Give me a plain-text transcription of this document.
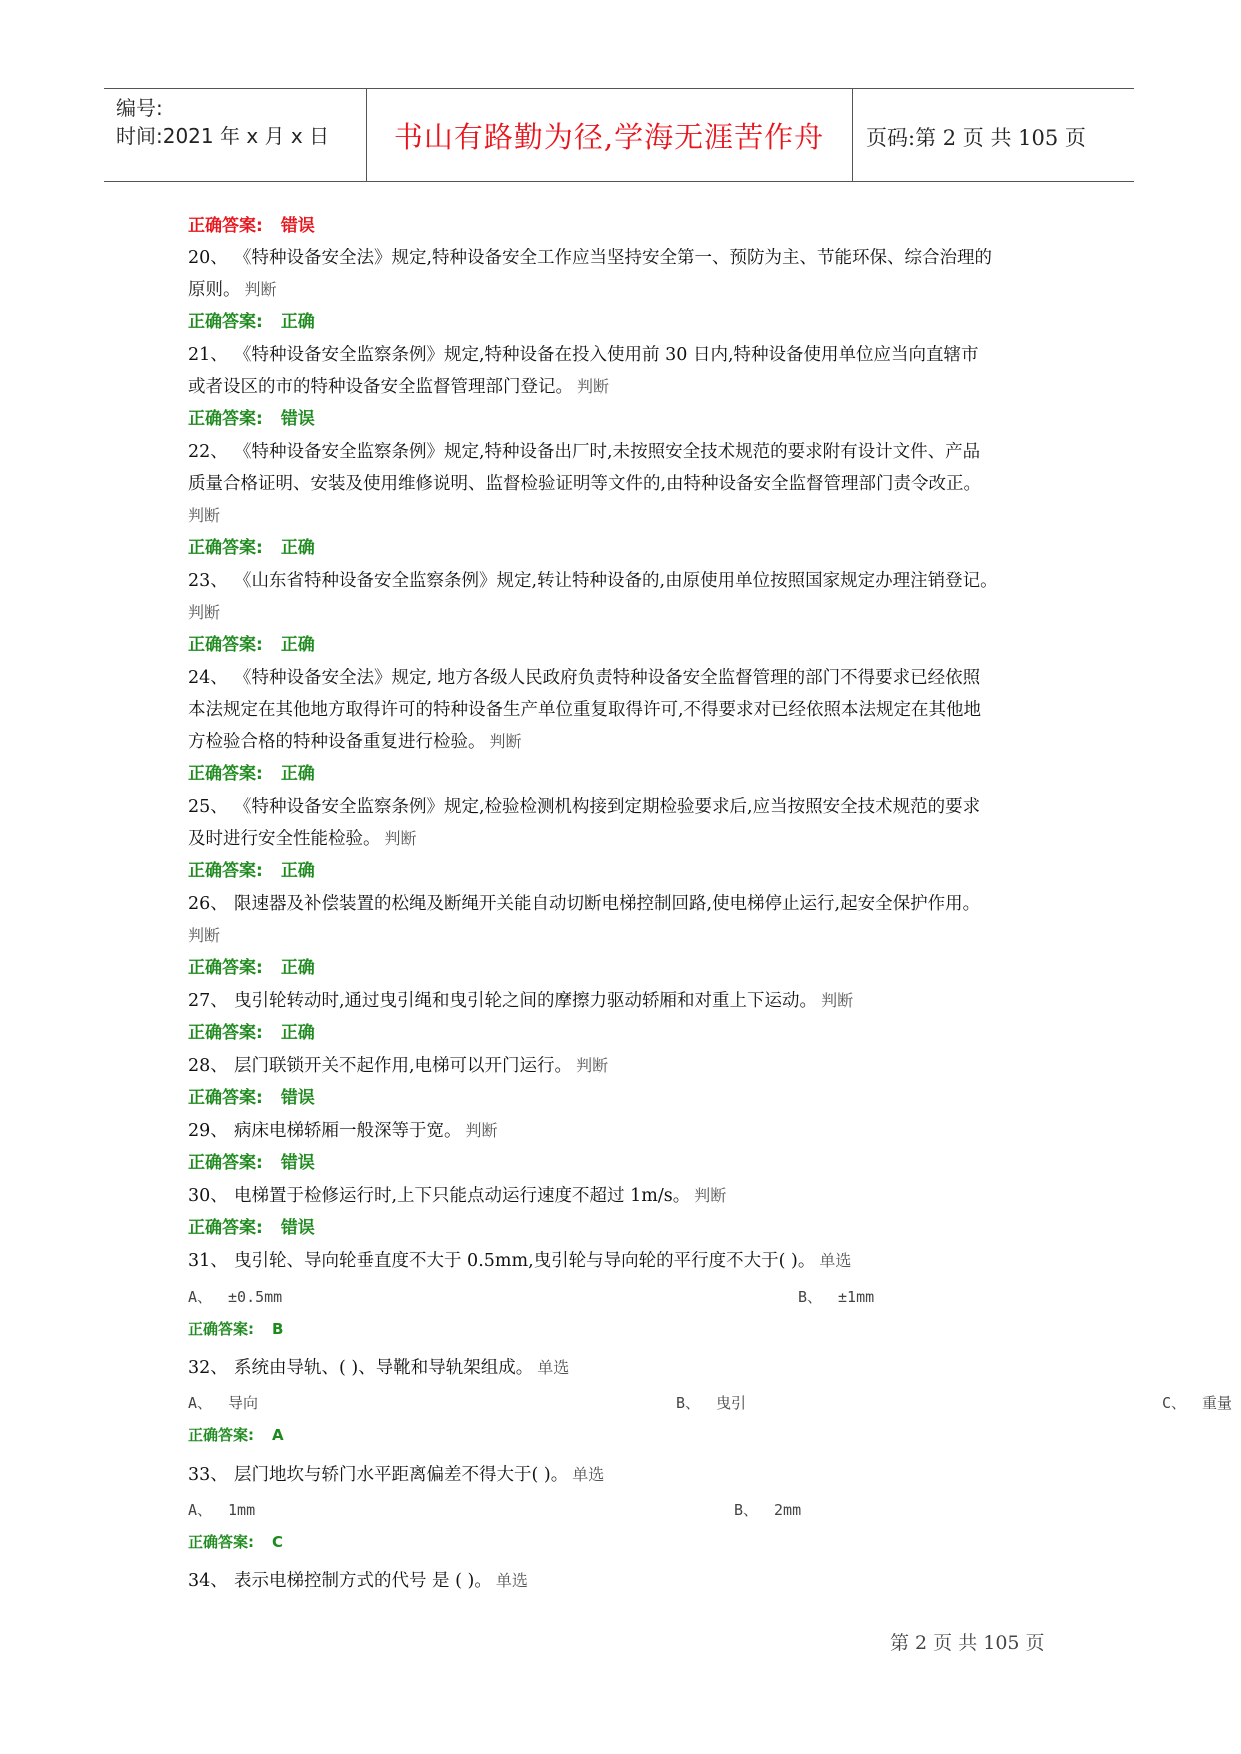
编号:
时间:2021 年 x 月 x 日	书山有路勤为径,学海无涯苦作舟	页码:第 2 页 共 105 页
正确答案: 错误
20、 《特种设备安全法》规定,特种设备安全工作应当坚持安全第一、预防为主、节能环保、综合治理的
原则。 判断
正确答案: 正确
21、 《特种设备安全监察条例》规定,特种设备在投入使用前 30 日内,特种设备使用单位应当向直辖市
或者设区的市的特种设备安全监督管理部门登记。 判断
正确答案: 错误
22、 《特种设备安全监察条例》规定,特种设备出厂时,未按照安全技术规范的要求附有设计文件、产品
质量合格证明、安装及使用维修说明、监督检验证明等文件的,由特种设备安全监督管理部门责令改正。
判断
正确答案: 正确
23、 《山东省特种设备安全监察条例》规定,转让特种设备的,由原使用单位按照国家规定办理注销登记。
判断
正确答案: 正确
24、 《特种设备安全法》规定, 地方各级人民政府负责特种设备安全监督管理的部门不得要求已经依照
本法规定在其他地方取得许可的特种设备生产单位重复取得许可,不得要求对已经依照本法规定在其他地
方检验合格的特种设备重复进行检验。 判断
正确答案: 正确
25、 《特种设备安全监察条例》规定,检验检测机构接到定期检验要求后,应当按照安全技术规范的要求
及时进行安全性能检验。 判断
正确答案: 正确
26、 限速器及补偿装置的松绳及断绳开关能自动切断电梯控制回路,使电梯停止运行,起安全保护作用。
判断
正确答案: 正确
27、 曳引轮转动时,通过曳引绳和曳引轮之间的摩擦力驱动轿厢和对重上下运动。 判断
正确答案: 正确
28、 层门联锁开关不起作用,电梯可以开门运行。 判断
正确答案: 错误
29、 病床电梯轿厢一般深等于宽。 判断
正确答案: 错误
30、 电梯置于检修运行时,上下只能点动运行速度不超过 1m/s。 判断
正确答案: 错误
31、 曳引轮、导向轮垂直度不大于 0.5mm,曳引轮与导向轮的平行度不大于( )。 单选
A、 ±0.5mm	B、 ±1mm
正确答案: B
32、 系统由导轨、( )、导靴和导轨架组成。 单选
A、 导向	B、 曳引	C、 重量
正确答案: A
33、 层门地坎与轿门水平距离偏差不得大于( )。 单选
A、 1mm	B、 2mm
正确答案: C
34、 表示电梯控制方式的代号 是 ( )。 单选
第 2 页 共 105 页
